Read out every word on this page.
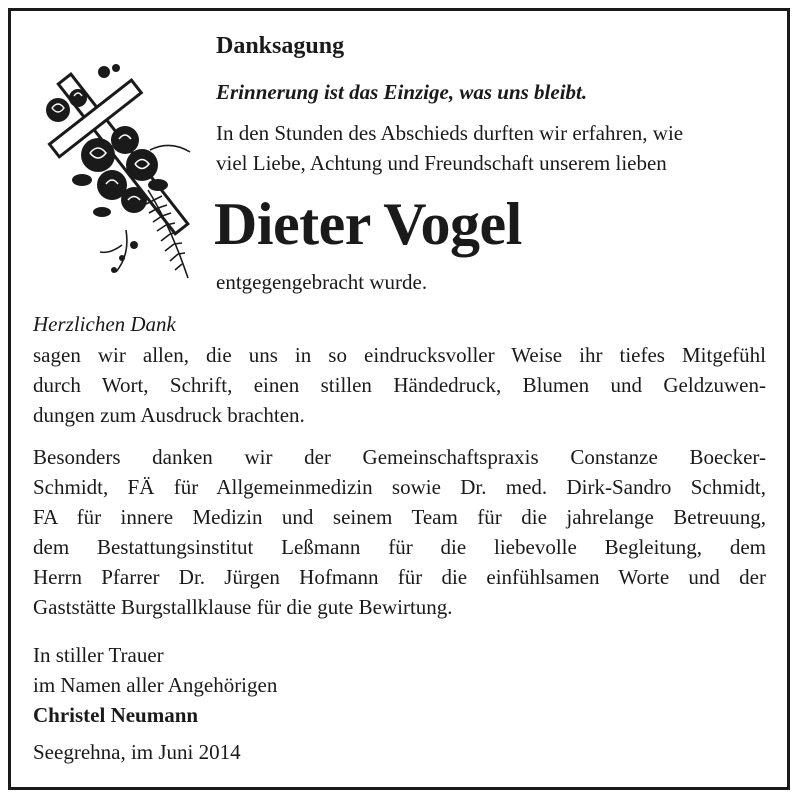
Danksagung

Erinnerung ist das Einzige, was uns bleibt.

In den Stunden des Abschieds durften wir erfahren, wie
viel Liebe, Achtung und Freundschaft unserem lieben
Dieter Vogel

entgegengebracht wurde.

Herzlichen Dank

sagen wir allen, die uns in so eindrucksvoller Weise ihr tiefes Mitgefühl
durch Wort, Schrift, einen stillen Händedruck, Blumen und Geldzuwen-
dungen zum Ausdruck brachten.
Besonders danken wir der Gemeinschaftspraxis Constanze Boecker-
Schmidt, FÄ für Allgemeinmedizin sowie Dr. med. Dirk-Sandro Schmidt,
FA für innere Medizin und seinem Team für die jahrelange Betreuung,
dem Bestattungsinstitut Leßmann für die liebevolle Begleitung, dem
Herrn Pfarrer Dr. Jürgen Hofmann für die einfühlsamen Worte und der
Gaststätte Burgstallklause für die gute Bewirtung.
In stiller Trauer
im Namen aller Angehörigen
Christel Neumann

Seegrehna, im Juni 2014
